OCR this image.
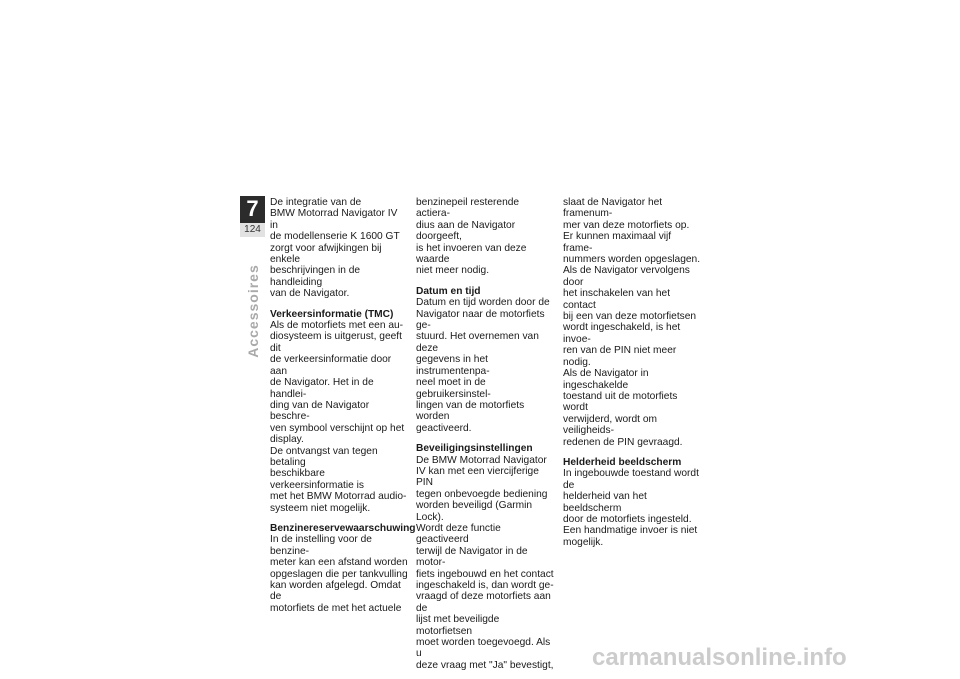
7
124
Accessoires

De integratie van de
BMW Motorrad Navigator IV in
de modellenserie K 1600 GT
zorgt voor afwijkingen bij enkele
beschrijvingen in de handleiding
van de Navigator.

Verkeersinformatie (TMC)

Als de motorfiets met een au-
diosysteem is uitgerust, geeft dit
de verkeersinformatie door aan
de Navigator. Het in de handlei-
ding van de Navigator beschre-
ven symbool verschijnt op het
display.

De ontvangst van tegen betaling
beschikbare verkeersinformatie is
met het BMW Motorrad audio-
systeem niet mogelijk.

Benzinereservewaarschuwing

In de instelling voor de benzine-
meter kan een afstand worden
opgeslagen die per tankvulling
kan worden afgelegd. Omdat de
motorfiets de met het actuele

benzinepeil resterende actiera-
dius aan de Navigator doorgeeft,
is het invoeren van deze waarde
niet meer nodig.

Datum en tijd

Datum en tijd worden door de
Navigator naar de motorfiets ge-
stuurd. Het overnemen van deze
gegevens in het instrumentenpa-
neel moet in de gebruikersinstel-
lingen van de motorfiets worden
geactiveerd.

Beveiligingsinstellingen

De BMW Motorrad Navigator
IV kan met een viercijferige PIN
tegen onbevoegde bediening
worden beveiligd (Garmin Lock).
Wordt deze functie geactiveerd
terwijl de Navigator in de motor-
fiets ingebouwd en het contact
ingeschakeld is, dan wordt ge-
vraagd of deze motorfiets aan de
lijst met beveiligde motorfietsen
moet worden toegevoegd. Als u
deze vraag met "Ja" bevestigt,

slaat de Navigator het framenum-
mer van deze motorfiets op.

Er kunnen maximaal vijf frame-
nummers worden opgeslagen.

Als de Navigator vervolgens door
het inschakelen van het contact
bij een van deze motorfietsen
wordt ingeschakeld, is het invoe-
ren van de PIN niet meer nodig.

Als de Navigator in ingeschakelde
toestand uit de motorfiets wordt
verwijderd, wordt om veiligheids-
redenen de PIN gevraagd.

Helderheid beeldscherm

In ingebouwde toestand wordt de
helderheid van het beeldscherm
door de motorfiets ingesteld.

Een handmatige invoer is niet
mogelijk.

carmanualsonline.info
